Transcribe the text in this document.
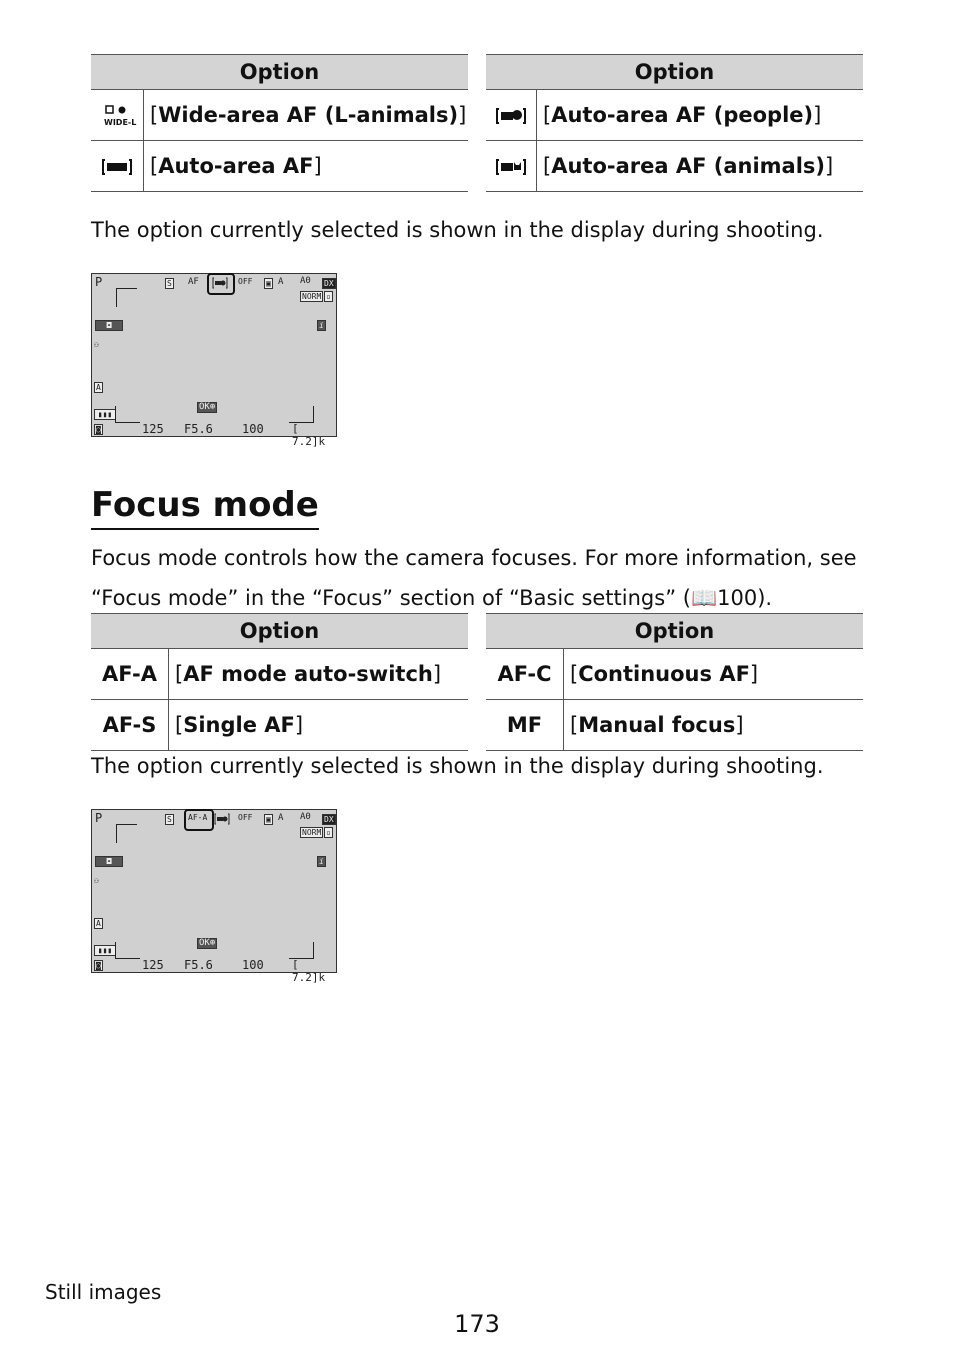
Option	

WIDE-L	[Wide-area AF (L-animals)]
	[Auto-area AF]
Option	
	[Auto-area AF (people)]
	[Auto-area AF (animals)]

The option currently selected is shown in the display during shooting.

P	S AF	OFF ▣ A A0 DX
NORM ▫
◘	i
⚇
A
OK⊕
▮▮▮
◙	125 F5.6 100	[ 7.2]k
Focus mode

Focus mode controls how the camera focuses. For more information, see
“Focus mode” in the “Focus” section of “Basic settings” (📖100).

Option	
AF-A	[AF mode auto-switch]
AF-S	[Single AF]
Option	
AF-C	[Continuous AF]
MF	[Manual focus]

The option currently selected is shown in the display during shooting.

P	S AF-A	OFF ▣ A A0 DX
NORM ▫
◘	i
⚇
A
OK⊕
▮▮▮
◙	125 F5.6 100	[ 7.2]k
Still images
173
